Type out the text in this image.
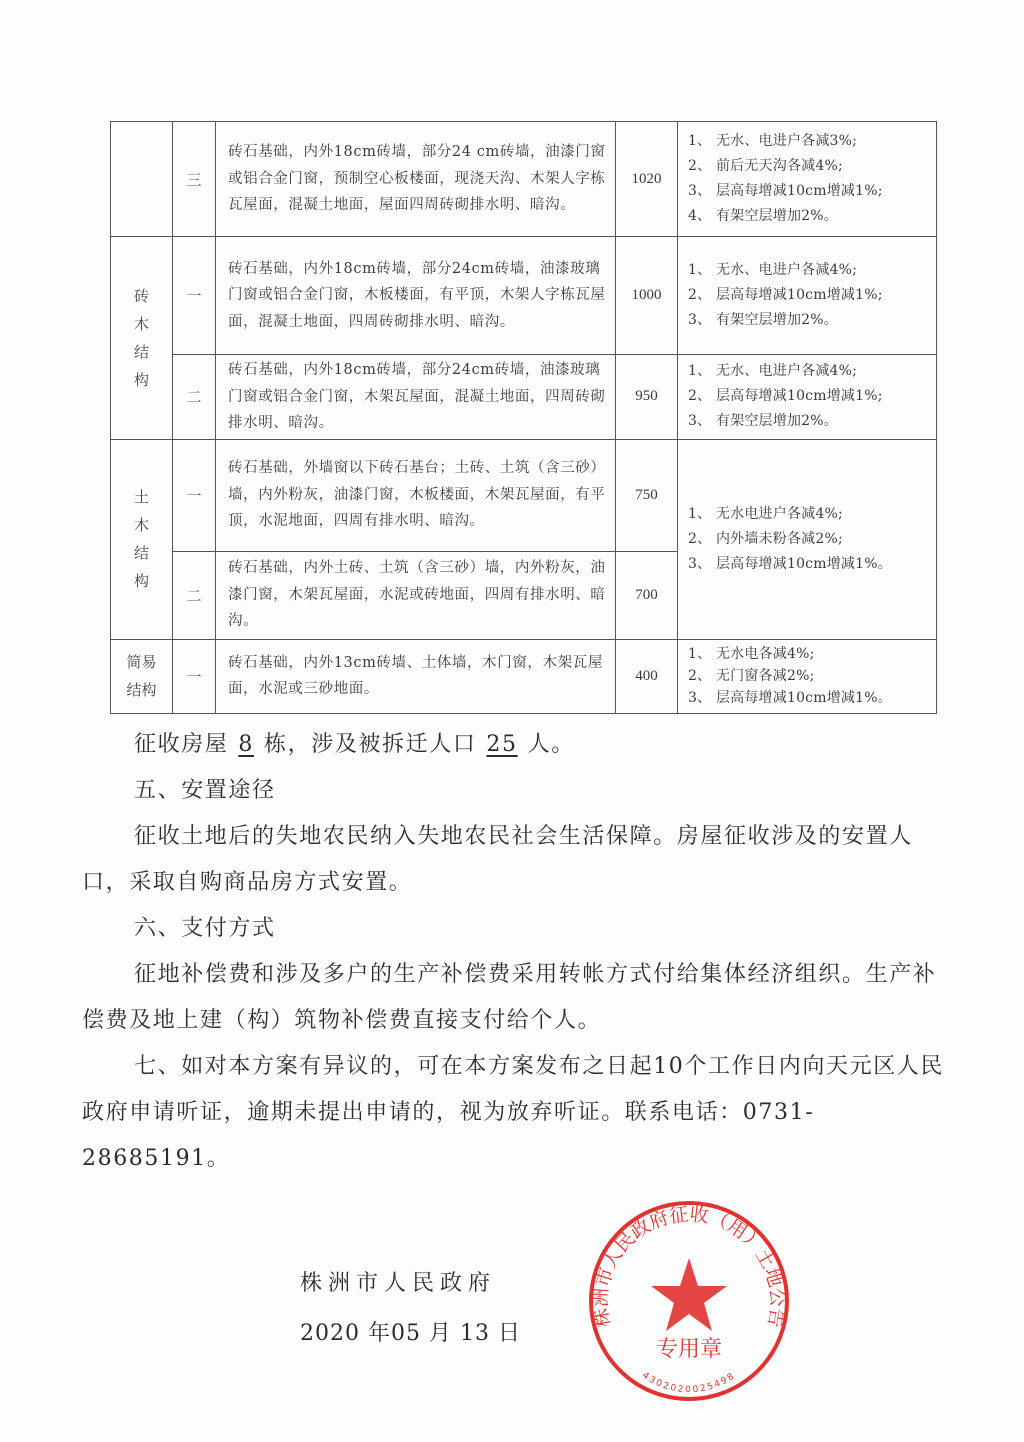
	三	砖石基础，内外18cm砖墙，部分24 cm砖墙，油漆门窗或铝合金门窗，预制空心板楼面，现浇天沟、木架人字栋瓦屋面，混凝土地面，屋面四周砖砌排水明、暗沟。	1020	1、 无水、电进户各减3%;
2、 前后无天沟各减4%;
3、 层高每增减10cm增减1%;
4、 有架空层增加2%。

砖木结构	一	砖石基础，内外18cm砖墙，部分24cm砖墙，油漆玻璃门窗或铝合金门窗，木板楼面，有平顶，木架人字栋瓦屋面，混凝土地面，四周砖砌排水明、暗沟。	1000	1、 无水、电进户各减4%;
2、 层高每增减10cm增减1%;
3、 有架空层增加2%。

	二	砖石基础，内外18cm砖墙，部分24cm砖墙，油漆玻璃门窗或铝合金门窗，木架瓦屋面，混凝土地面，四周砖砌排水明、暗沟。	950	1、 无水、电进户各减4%;
2、 层高每增减10cm增减1%;
3、 有架空层增加2%。

土木结构	一	砖石基础，外墙窗以下砖石基台；土砖、土筑（含三砂）墙，内外粉灰，油漆门窗，木板楼面，木架瓦屋面，有平顶，水泥地面，四周有排水明、暗沟。	750	1、 无水电进户各减4%;
2、 内外墙未粉各减2%;
3、 层高每增减10cm增减1%。

	二	砖石基础，内外土砖、土筑（含三砂）墙，内外粉灰，油漆门窗，木架瓦屋面，水泥或砖地面，四周有排水明、暗沟。	700	

简易结构	一	砖石基础，内外13cm砖墙、土体墙，木门窗，木架瓦屋面，水泥或三砂地面。	400	1、 无水电各减4%;
2、 无门窗各减2%;
3、 层高每增减10cm增减1%。

征收房屋 8 栋，涉及被拆迁人口 25 人。

五、安置途径

征收土地后的失地农民纳入失地农民社会生活保障。房屋征收涉及的安置人口，采取自购商品房方式安置。

六、支付方式

征地补偿费和涉及多户的生产补偿费采用转帐方式付给集体经济组织。生产补偿费及地上建（构）筑物补偿费直接支付给个人。

七、如对本方案有异议的，可在本方案发布之日起10个工作日内向天元区人民政府申请听证，逾期未提出申请的，视为放弃听证。联系电话：0731-28685191。

株洲市人民政府征收（用）土地公告
专用章
4302020025498
株洲市人民政府
2020 年05 月 13 日
